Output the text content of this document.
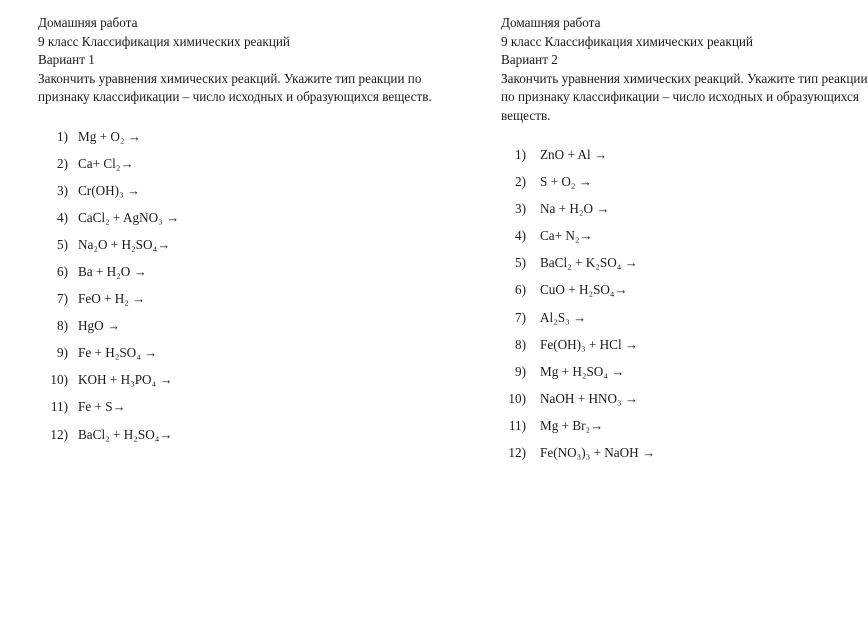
Домашняя работа
9 класс Классификация химических реакций
Вариант 1

Закончить уравнения химических реакций. Укажите тип реакции по признаку классификации – число исходных и образующихся веществ.

1) Mg + O₂ →
2) Ca+ Cl₂→
3) Cr(OH)₃ →
4) CaCl₂ + AgNO₃ →
5) Na₂O + H₂SO₄→
6) Ba + H₂O →
7) FeO + H₂ →
8) HgO →
9) Fe + H₂SO₄ →
10) KOH + H₃PO₄ →
11) Fe + S→
12) BaCl₂ + H₂SO₄→
Домашняя работа
9 класс Классификация химических реакций
Вариант 2
Закончить уравнения химических реакций. Укажите тип реакции
по признаку классификации – число исходных и образующихся
веществ.
1) ZnO + Al →
2) S + O₂ →
3) Na + H₂O →
4) Ca+ N₂→
5) BaCl₂ + K₂SO₄ →
6) CuO + H₂SO₄→
7) Al₂S₃ →
8) Fe(OH)₃ + HCl →
9) Mg + H₂SO₄ →
10) NaOH + HNO₃ →
11) Mg + Br₂→
12) Fe(NO₃)₃ + NaOH →
